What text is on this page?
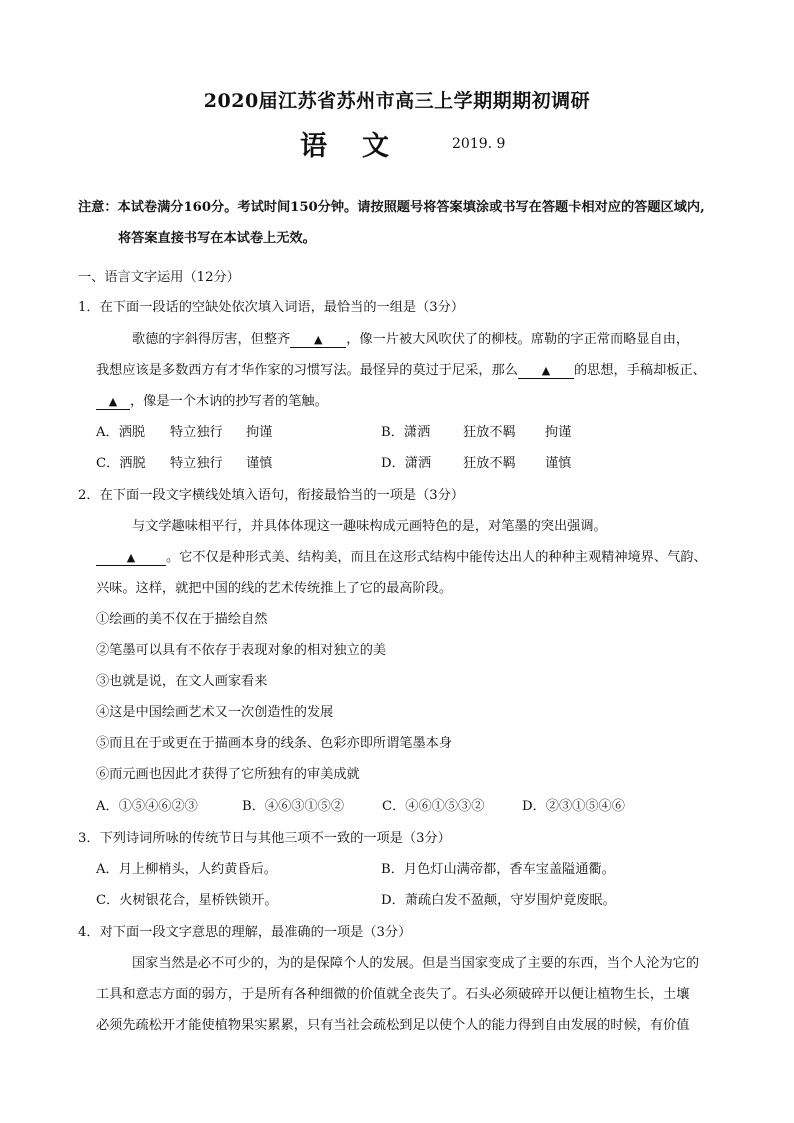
2020届江苏省苏州市高三上学期期期初调研
语 文	2019. 9
注意：本试卷满分160分。考试时间150分钟。请按照题号将答案填涂或书写在答题卡相对应的答题区域内,
将答案直接书写在本试卷上无效。
一、语言文字运用（12分）
1．在下面一段话的空缺处依次填入词语，最恰当的一组是（3分）
歌德的字斜得厉害，但整齐 ▲ ，像一片被大风吹伏了的柳枝。席勒的字正常而略显自由，
我想应该是多数西方有才华作家的习惯写法。最怪异的莫过于尼采，那么 ▲ 的思想，手稿却板正、
▲ ，像是一个木讷的抄写者的笔触。
A．洒脱 特立独行 拘谨	B．潇洒 狂放不羁 拘谨
C．洒脱 特立独行 谨慎	D．潇洒 狂放不羁 谨慎
2．在下面一段文字横线处填入语句，衔接最恰当的一项是（3分）
与文学趣味相平行，并具体体现这一趣味构成元画特色的是，对笔墨的突出强调。
▲ 。它不仅是种形式美、结构美，而且在这形式结构中能传达出人的种种主观精神境界、气韵、
兴味。这样，就把中国的线的艺术传统推上了它的最高阶段。
①绘画的美不仅在于描绘自然
②笔墨可以具有不依存于表现对象的相对独立的美
③也就是说，在文人画家看来
④这是中国绘画艺术又一次创造性的发展
⑤而且在于或更在于描画本身的线条、色彩亦即所谓笔墨本身
⑥而元画也因此才获得了它所独有的审美成就
A．①⑤④⑥②③	B．④⑥③①⑤②	C．④⑥①⑤③②	D．②③①⑤④⑥
3．下列诗词所咏的传统节日与其他三项不一致的一项是（3分）
A．月上柳梢头，人约黄昏后。	B．月色灯山满帝都，香车宝盖隘通衢。
C．火树银花合，星桥铁锁开。	D．萧疏白发不盈颠，守岁围炉竟废眠。
4．对下面一段文字意思的理解，最准确的一项是（3分）
国家当然是必不可少的，为的是保障个人的发展。但是当国家变成了主要的东西，当个人沦为它的
工具和意志方面的弱方，于是所有各种细微的价值就全丧失了。石头必须破碎开以便让植物生长，土壤
必须先疏松开才能使植物果实累累，只有当社会疏松到足以使个人的能力得到自由发展的时候，有价值
